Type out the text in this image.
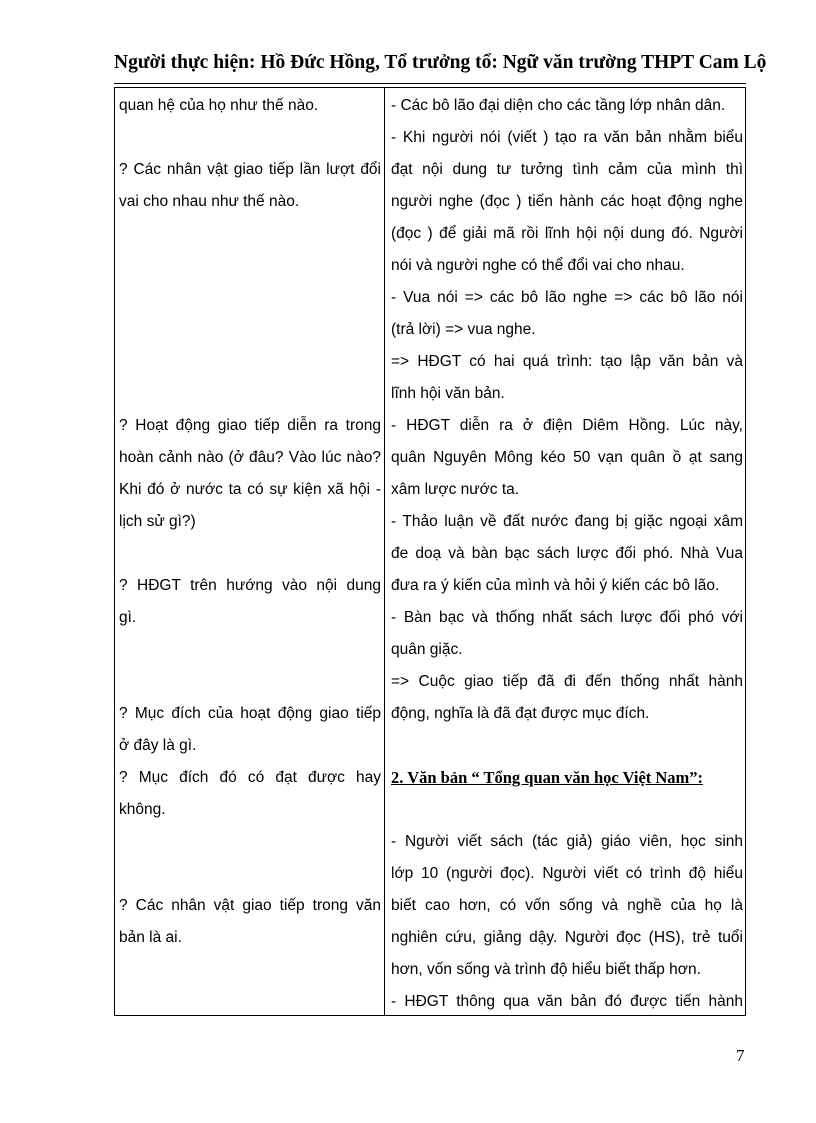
Người thực hiện: Hồ Đức Hồng, Tổ trưởng tổ: Ngữ văn trường THPT Cam Lộ
quan hệ của họ như thế nào.
? Các nhân vật giao tiếp lần lượt đổi
vai cho nhau như thế nào.
? Hoạt động giao tiếp diễn ra trong
hoàn cảnh nào (ở đâu? Vào lúc nào?
Khi đó ở nước ta có sự kiện xã hội -
lịch sử gì?)
? HĐGT trên hướng vào nội dung
gì.
? Mục đích của hoạt động giao tiếp
ở đây là gì.
? Mục đích đó có đạt được hay
không.
? Các nhân vật giao tiếp trong văn
bản là ai.
- Các bô lão đại diện cho các tầng lớp nhân dân.
- Khi người nói (viết ) tạo ra văn bản nhằm biểu
đạt nội dung tư tưởng tình cảm của mình thì
người nghe (đọc ) tiến hành các hoạt động nghe
(đọc ) để giải mã rồi lĩnh hội nội dung đó. Người
nói và người nghe có thể đổi vai cho nhau.
- Vua nói => các bô lão nghe => các bô lão nói
(trả lời) => vua nghe.
=> HĐGT có hai quá trình: tạo lập văn bản và
lĩnh hội văn bản.
- HĐGT diễn ra ở điện Diêm Hồng. Lúc này,
quân Nguyên Mông kéo 50 vạn quân ồ ạt sang
xâm lược nước ta.
- Thảo luận về đất nước đang bị giặc ngoại xâm
đe doạ và bàn bạc sách lược đối phó. Nhà Vua
đưa ra ý kiến của mình và hỏi ý kiến các bô lão.
- Bàn bạc và thống nhất sách lược đối phó với
quân giặc.
=> Cuộc giao tiếp đã đi đến thống nhất hành
động, nghĩa là đã đạt được mục đích.
2. Văn bản “ Tổng quan văn học Việt Nam”:
- Người viết sách (tác giả) giáo viên, học sinh
lớp 10 (người đọc). Người viết có trình độ hiểu
biết cao hơn, có vốn sống và nghề của họ là
nghiên cứu, giảng dậy. Người đọc (HS), trẻ tuổi
hơn, vốn sống và trình độ hiểu biết thấp hơn.
- HĐGT thông qua văn bản đó được tiến hành
7
